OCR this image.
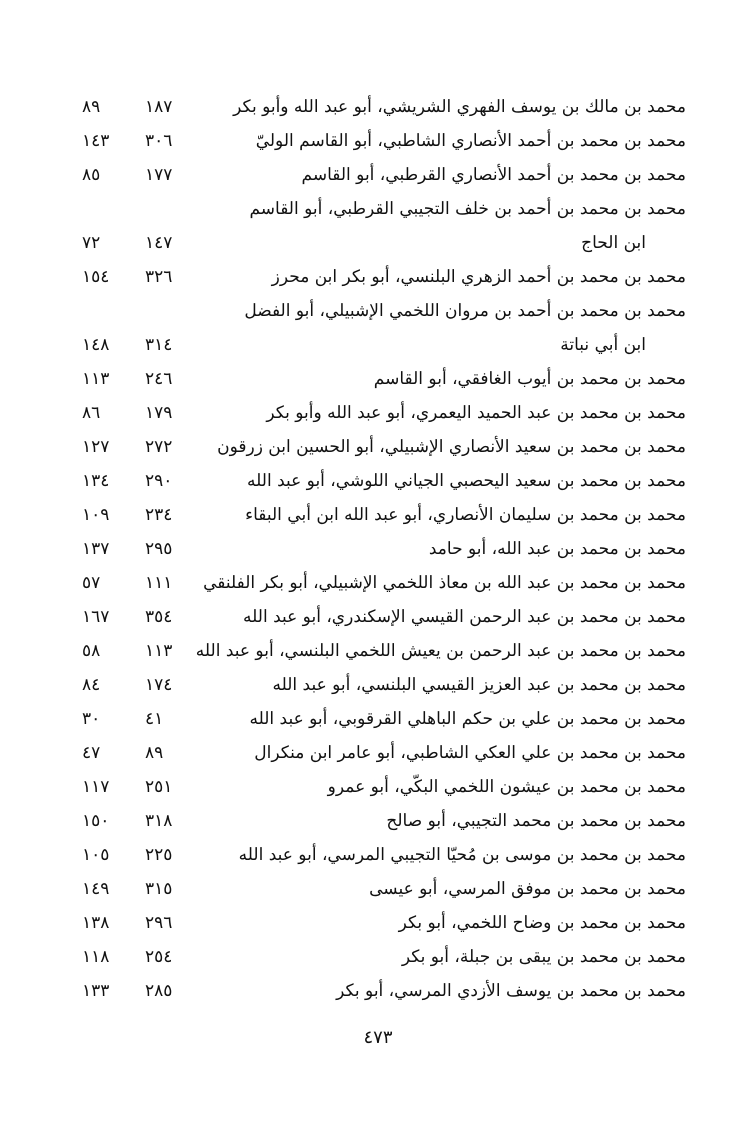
محمد بن مالك بن يوسف الفهري الشريشي، أبو عبد الله وأبو بكر
١٨٧
٨٩
محمد بن محمد بن أحمد الأنصاري الشاطبي، أبو القاسم الوليّ
٣٠٦
١٤٣
محمد بن محمد بن أحمد الأنصاري القرطبي، أبو القاسم
١٧٧
٨٥
محمد بن محمد بن أحمد بن خلف التجيبي القرطبي، أبو القاسم
ابن الحاج
١٤٧
٧٢
محمد بن محمد بن أحمد الزهري البلنسي، أبو بكر ابن محرز
٣٢٦
١٥٤
محمد بن محمد بن أحمد بن مروان اللخمي الإشبيلي، أبو الفضل
ابن أبي نباتة
٣١٤
١٤٨
محمد بن محمد بن أيوب الغافقي، أبو القاسم
٢٤٦
١١٣
محمد بن محمد بن عبد الحميد اليعمري، أبو عبد الله وأبو بكر
١٧٩
٨٦
محمد بن محمد بن سعيد الأنصاري الإشبيلي، أبو الحسين ابن زرقون
٢٧٢
١٢٧
محمد بن محمد بن سعيد اليحصبي الجياني اللوشي، أبو عبد الله
٢٩٠
١٣٤
محمد بن محمد بن سليمان الأنصاري، أبو عبد الله ابن أبي البقاء
٢٣٤
١٠٩
محمد بن محمد بن عبد الله، أبو حامد
٢٩٥
١٣٧
محمد بن محمد بن عبد الله بن معاذ اللخمي الإشبيلي، أبو بكر الفلنقي
١١١
٥٧
محمد بن محمد بن عبد الرحمن القيسي الإسكندري، أبو عبد الله
٣٥٤
١٦٧
محمد بن محمد بن عبد الرحمن بن يعيش اللخمي البلنسي، أبو عبد الله
١١٣
٥٨
محمد بن محمد بن عبد العزيز القيسي البلنسي، أبو عبد الله
١٧٤
٨٤
محمد بن محمد بن علي بن حكم الباهلي القرقوبي، أبو عبد الله
٤١
٣٠
محمد بن محمد بن علي العكي الشاطبي، أبو عامر ابن منكرال
٨٩
٤٧
محمد بن محمد بن عيشون اللخمي البكّي، أبو عمرو
٢٥١
١١٧
محمد بن محمد بن محمد التجيبي، أبو صالح
٣١٨
١٥٠
محمد بن محمد بن موسى بن مُحيّا التجيبي المرسي، أبو عبد الله
٢٢٥
١٠٥
محمد بن محمد بن موفق المرسي، أبو عيسى
٣١٥
١٤٩
محمد بن محمد بن وضاح اللخمي، أبو بكر
٢٩٦
١٣٨
محمد بن محمد بن يبقى بن جبلة، أبو بكر
٢٥٤
١١٨
محمد بن محمد بن يوسف الأزدي المرسي، أبو بكر
٢٨٥
١٣٣
٤٧٣
